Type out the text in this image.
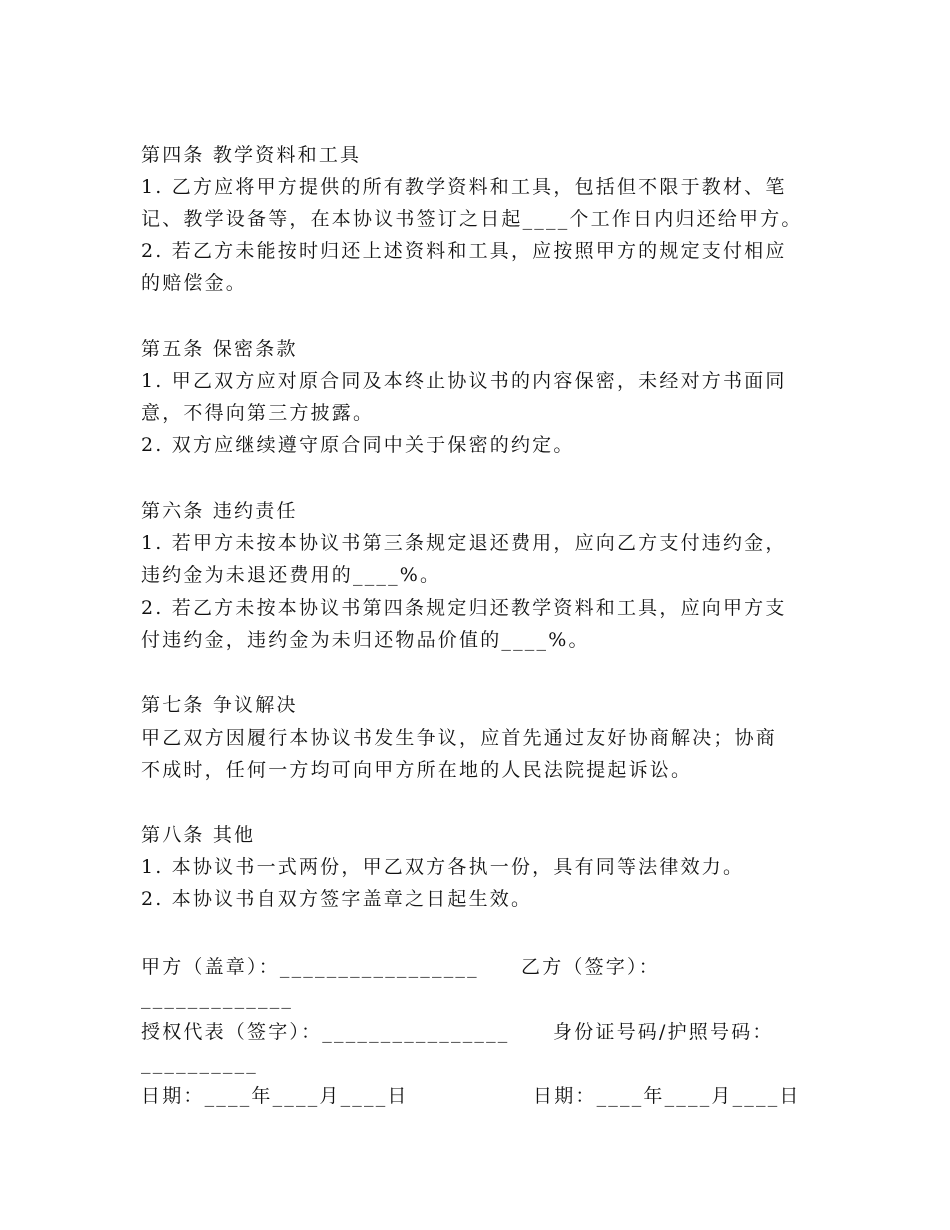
第四条 教学资料和工具
1. 乙方应将甲方提供的所有教学资料和工具，包括但不限于教材、笔
记、教学设备等，在本协议书签订之日起____个工作日内归还给甲方。
2. 若乙方未能按时归还上述资料和工具，应按照甲方的规定支付相应
的赔偿金。
第五条 保密条款
1. 甲乙双方应对原合同及本终止协议书的内容保密，未经对方书面同
意，不得向第三方披露。
2. 双方应继续遵守原合同中关于保密的约定。
第六条 违约责任
1. 若甲方未按本协议书第三条规定退还费用，应向乙方支付违约金，
违约金为未退还费用的____%。
2. 若乙方未按本协议书第四条规定归还教学资料和工具，应向甲方支
付违约金，违约金为未归还物品价值的____%。
第七条 争议解决
甲乙双方因履行本协议书发生争议，应首先通过友好协商解决；协商
不成时，任何一方均可向甲方所在地的人民法院提起诉讼。
第八条 其他
1. 本协议书一式两份，甲乙双方各执一份，具有同等法律效力。
2. 本协议书自双方签字盖章之日起生效。
甲方（盖章）：_________________ 乙方（签字）：
_____________
授权代表（签字）：________________ 身份证号码/护照号码：
__________
日期：____年____月____日	日期：____年____月____日
